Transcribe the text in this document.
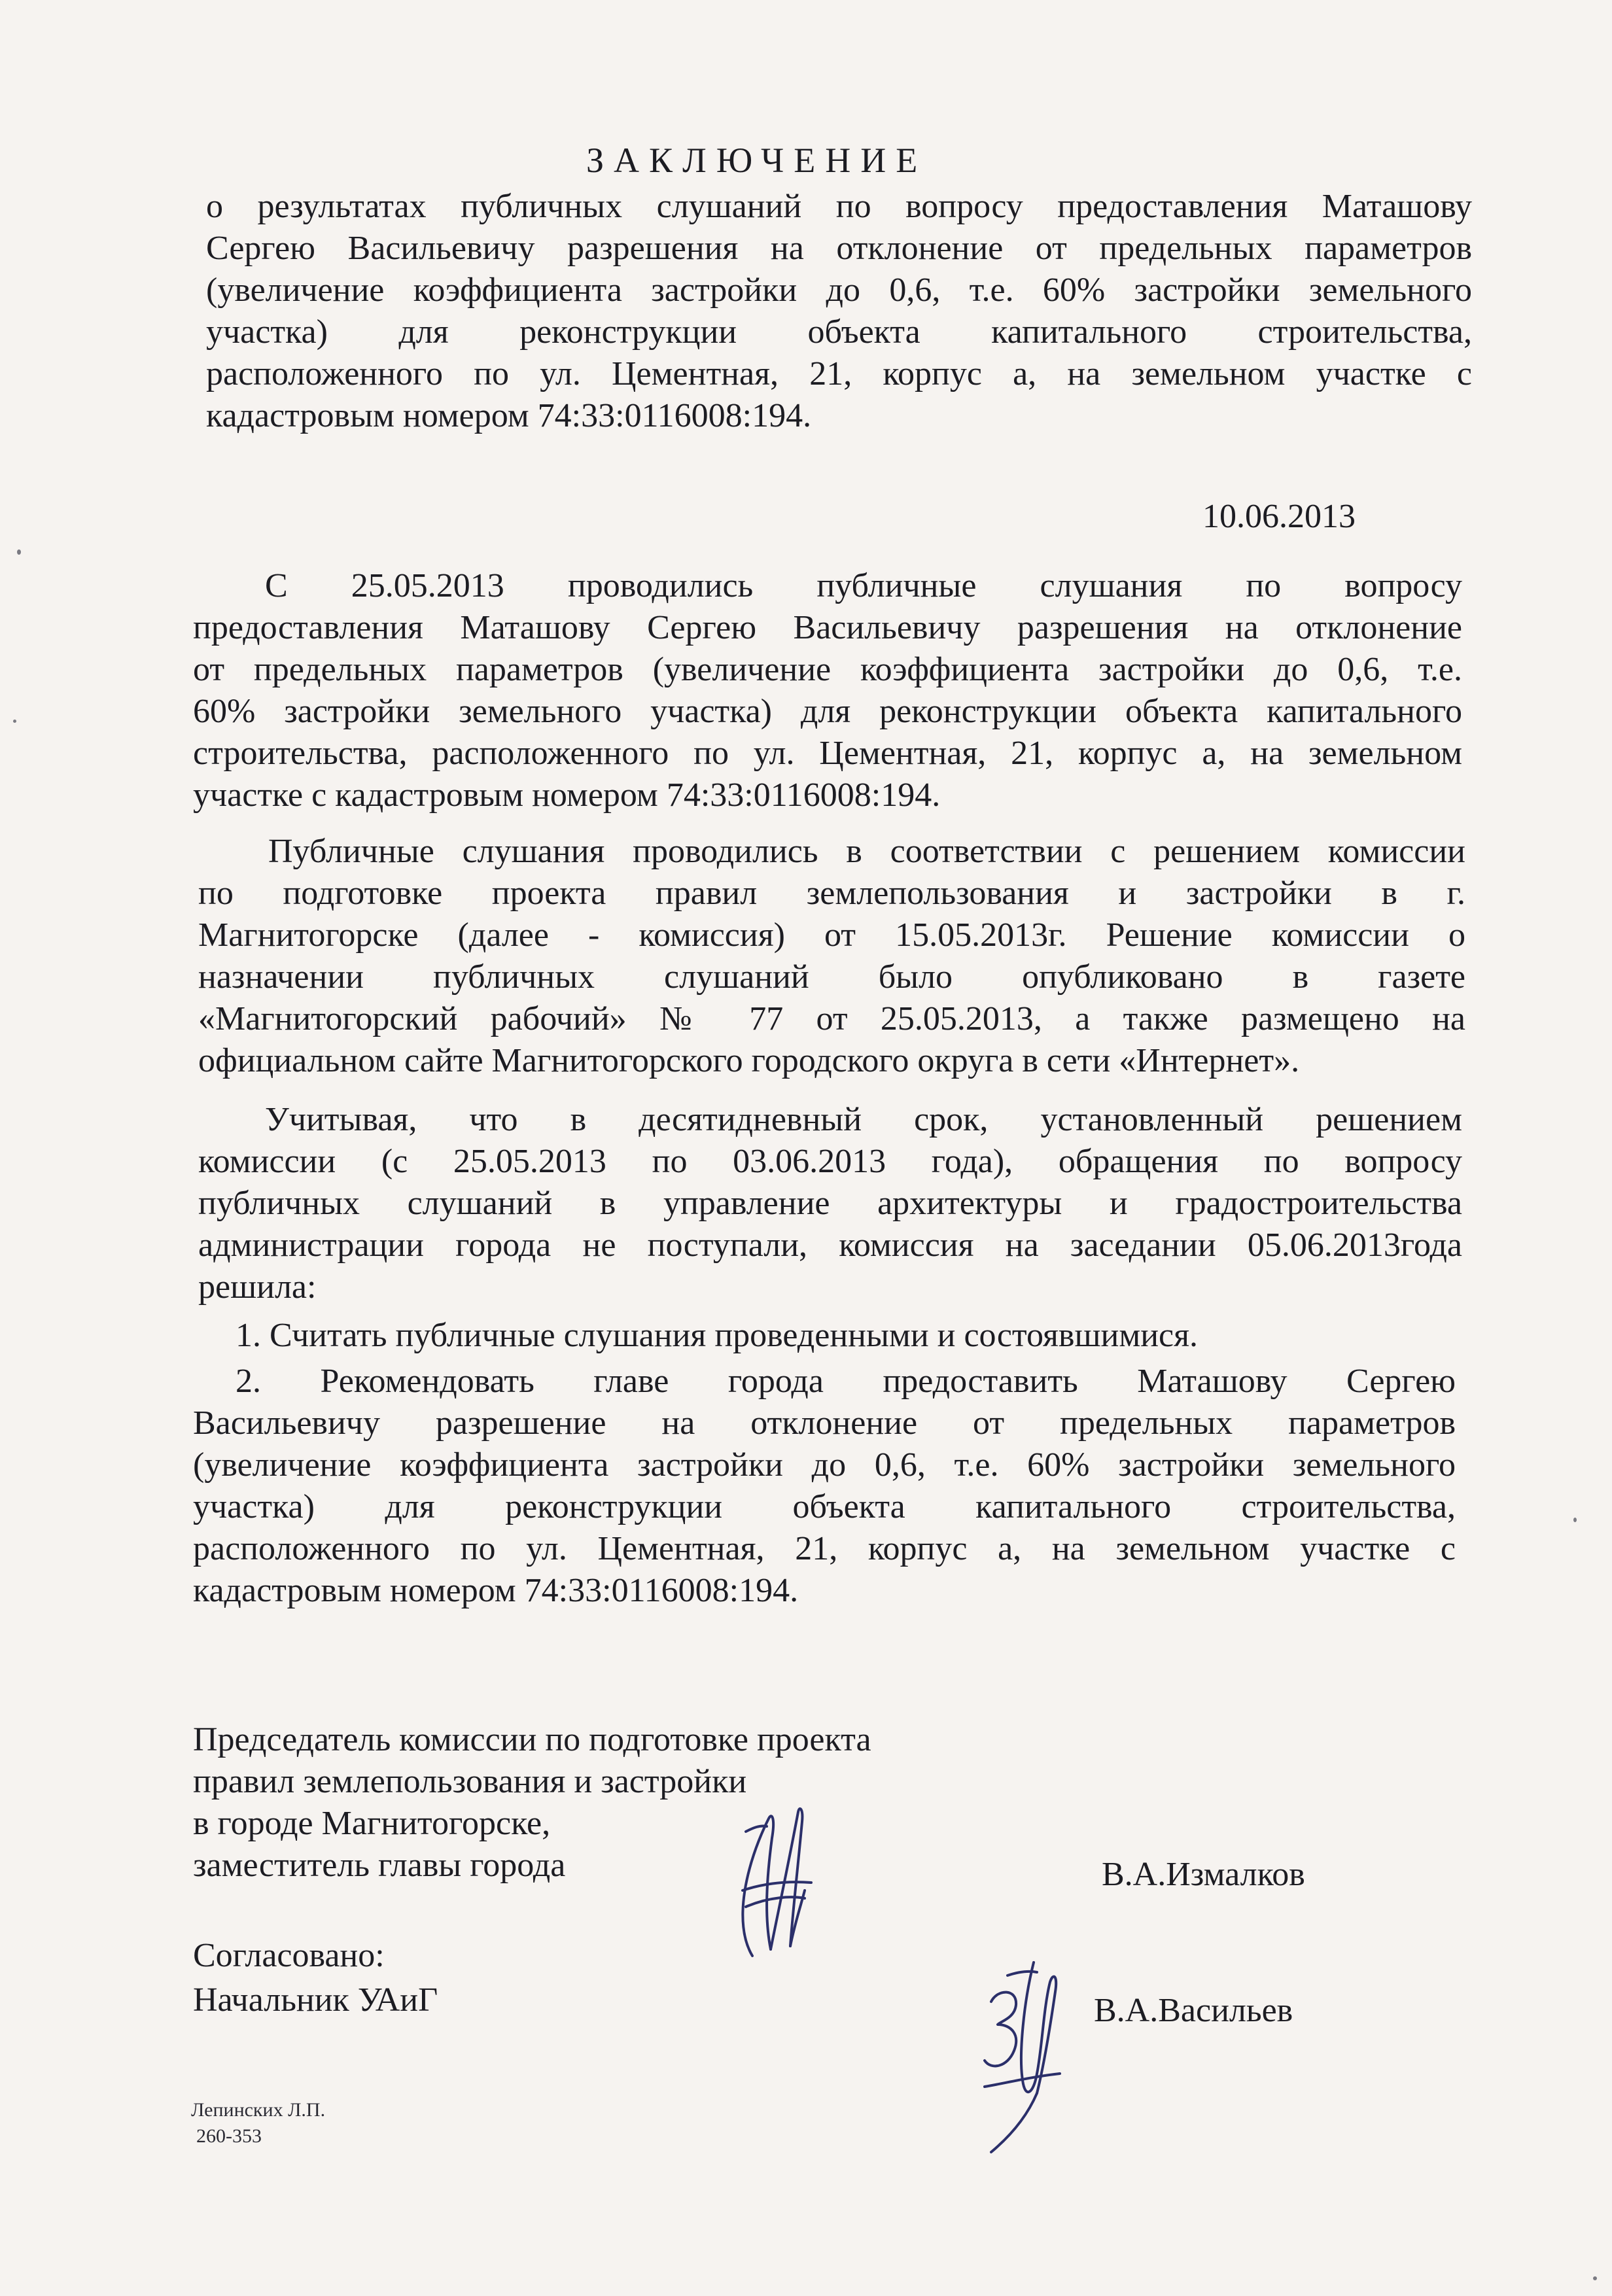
ЗАКЛЮЧЕНИЕ
о результатах публичных слушаний по вопросу предоставления Маташову
Сергею Васильевичу разрешения на отклонение от предельных параметров
(увеличение коэффициента застройки до 0,6, т.е. 60% застройки земельного
участка) для реконструкции объекта капитального строительства,
расположенного по ул. Цементная, 21, корпус а, на земельном участке с
кадастровым номером 74:33:0116008:194.
10.06.2013
С 25.05.2013 проводились публичные слушания по вопросу
предоставления Маташову Сергею Васильевичу разрешения на отклонение
от предельных параметров (увеличение коэффициента застройки до 0,6, т.е.
60% застройки земельного участка) для реконструкции объекта капитального
строительства, расположенного по ул. Цементная, 21, корпус а, на земельном
участке с кадастровым номером 74:33:0116008:194.
Публичные слушания проводились в соответствии с решением комиссии
по подготовке проекта правил землепользования и застройки в г.
Магнитогорске (далее - комиссия) от 15.05.2013г. Решение комиссии о
назначении публичных слушаний было опубликовано в газете
«Магнитогорский рабочий» № 77 от 25.05.2013, а также размещено на
официальном сайте Магнитогорского городского округа в сети «Интернет».
Учитывая, что в десятидневный срок, установленный решением
комиссии (с 25.05.2013 по 03.06.2013 года), обращения по вопросу
публичных слушаний в управление архитектуры и градостроительства
администрации города не поступали, комиссия на заседании 05.06.2013года
решила:
1. Считать публичные слушания проведенными и состоявшимися.
2. Рекомендовать главе города предоставить Маташову Сергею
Васильевичу разрешение на отклонение от предельных параметров
(увеличение коэффициента застройки до 0,6, т.е. 60% застройки земельного
участка) для реконструкции объекта капитального строительства,
расположенного по ул. Цементная, 21, корпус а, на земельном участке с
кадастровым номером 74:33:0116008:194.
Председатель комиссии по подготовке проекта
правил землепользования и застройки
в городе Магнитогорске,
заместитель главы города	В.А.Измалков
Согласовано:
Начальник УАиГ	В.А.Васильев
Лепинских Л.П.
260-353
